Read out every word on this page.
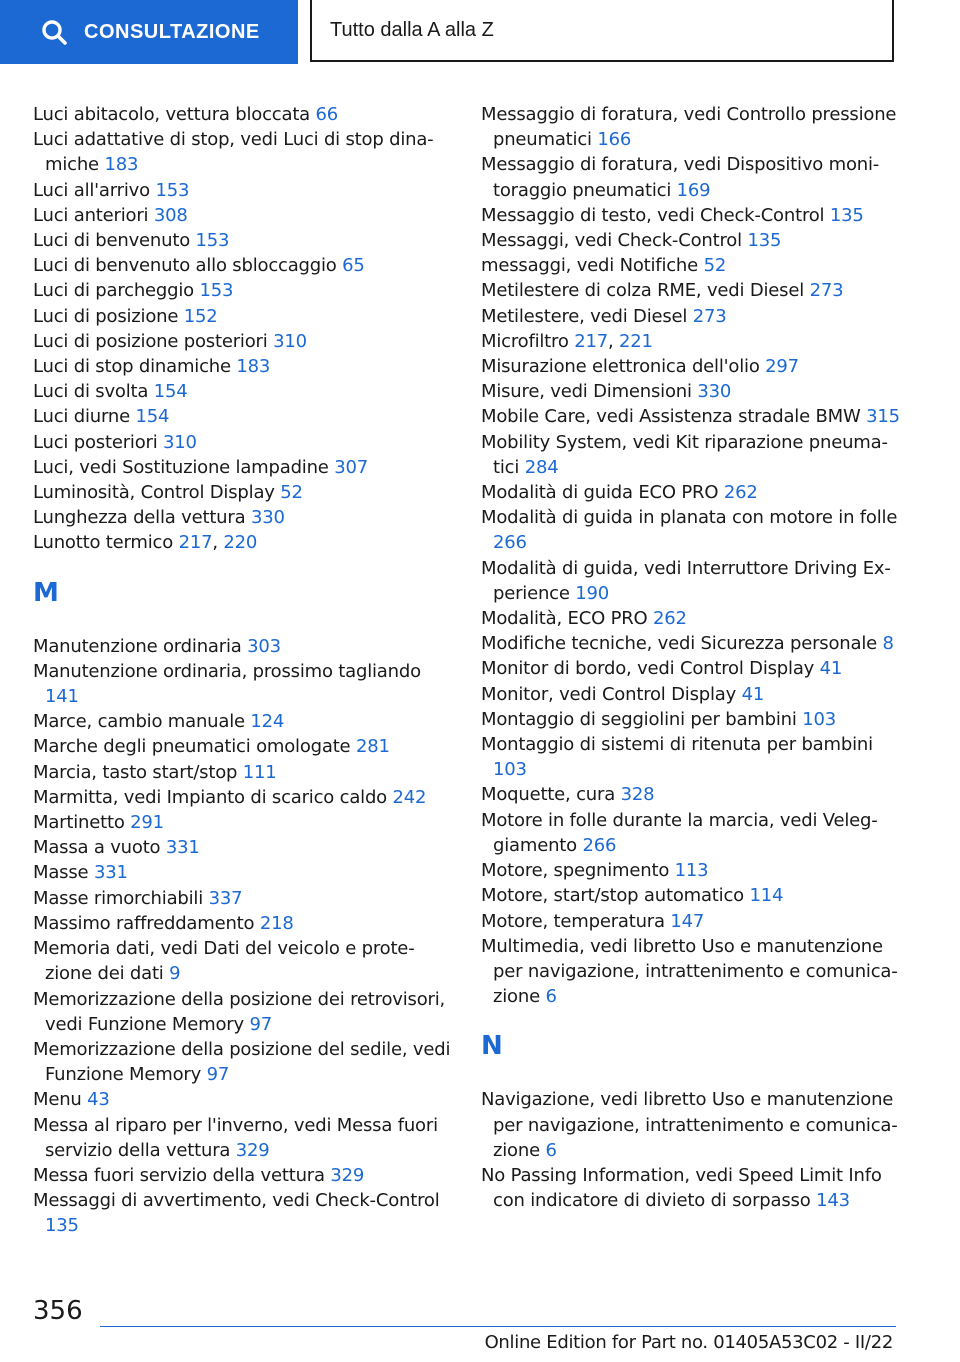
CONSULTAZIONE	Tutto dalla A alla Z

Luci abitacolo, vettura bloccata 66

Luci adattative di stop, vedi Luci di stop dinamiche 183

Luci all'arrivo 153

Luci anteriori 308

Luci di benvenuto 153

Luci di benvenuto allo sbloccaggio 65

Luci di parcheggio 153

Luci di posizione 152

Luci di posizione posteriori 310

Luci di stop dinamiche 183

Luci di svolta 154

Luci diurne 154

Luci posteriori 310

Luci, vedi Sostituzione lampadine 307

Luminosità, Control Display 52

Lunghezza della vettura 330

Lunotto termico 217, 220

M

Manutenzione ordinaria 303

Manutenzione ordinaria, prossimo tagliando 141

Marce, cambio manuale 124

Marche degli pneumatici omologate 281

Marcia, tasto start/stop 111

Marmitta, vedi Impianto di scarico caldo 242

Martinetto 291

Massa a vuoto 331

Masse 331

Masse rimorchiabili 337

Massimo raffreddamento 218

Memoria dati, vedi Dati del veicolo e protezione dei dati 9

Memorizzazione della posizione dei retrovisori, vedi Funzione Memory 97

Memorizzazione della posizione del sedile, vedi Funzione Memory 97

Menu 43

Messa al riparo per l'inverno, vedi Messa fuori servizio della vettura 329

Messa fuori servizio della vettura 329

Messaggi di avvertimento, vedi Check-Control 135

Messaggio di foratura, vedi Controllo pressione pneumatici 166

Messaggio di foratura, vedi Dispositivo monitoraggio pneumatici 169

Messaggio di testo, vedi Check-Control 135

Messaggi, vedi Check-Control 135

messaggi, vedi Notifiche 52

Metilestere di colza RME, vedi Diesel 273

Metilestere, vedi Diesel 273

Microfiltro 217, 221

Misurazione elettronica dell'olio 297

Misure, vedi Dimensioni 330

Mobile Care, vedi Assistenza stradale BMW 315

Mobility System, vedi Kit riparazione pneumatici 284

Modalità di guida ECO PRO 262

Modalità di guida in planata con motore in folle 266

Modalità di guida, vedi Interruttore Driving Experience 190

Modalità, ECO PRO 262

Modifiche tecniche, vedi Sicurezza personale 8

Monitor di bordo, vedi Control Display 41

Monitor, vedi Control Display 41

Montaggio di seggiolini per bambini 103

Montaggio di sistemi di ritenuta per bambini 103

Moquette, cura 328

Motore in folle durante la marcia, vedi Veleggiamento 266

Motore, spegnimento 113

Motore, start/stop automatico 114

Motore, temperatura 147

Multimedia, vedi libretto Uso e manutenzione per navigazione, intrattenimento e comunicazione 6

N

Navigazione, vedi libretto Uso e manutenzione per navigazione, intrattenimento e comunicazione 6

No Passing Information, vedi Speed Limit Info con indicatore di divieto di sorpasso 143

356
Online Edition for Part no. 01405A53C02 - II/22
